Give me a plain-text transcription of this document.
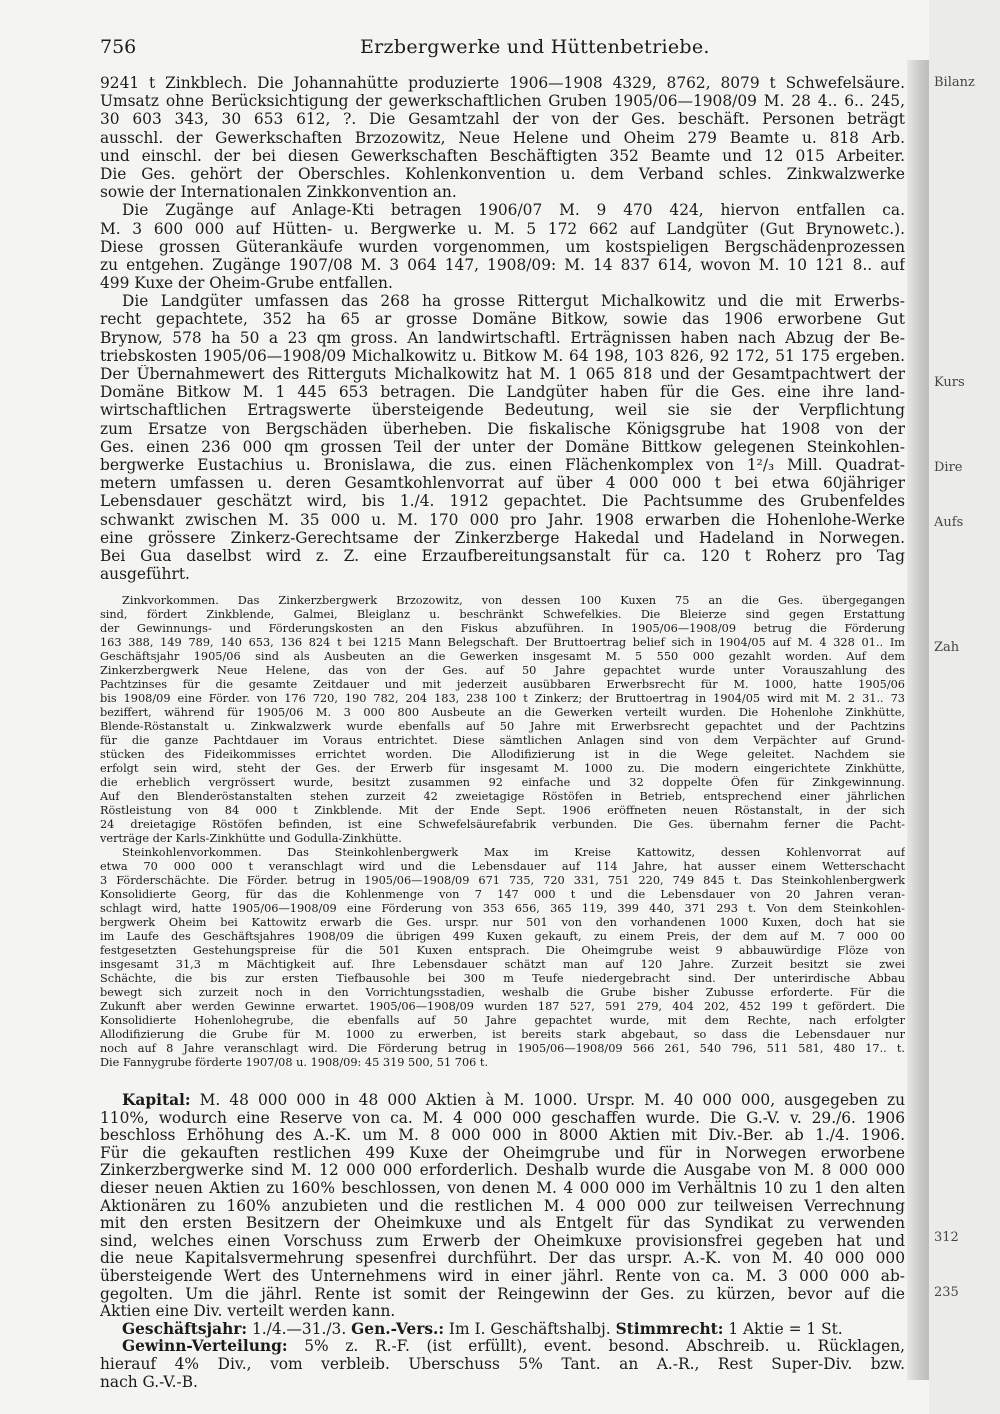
756	Erzbergwerke und Hüttenbetriebe.
9241 t Zinkblech. Die Johannahütte produzierte 1906—1908 4329, 8762, 8079 t Schwefelsäure.
Umsatz ohne Berücksichtigung der gewerkschaftlichen Gruben 1905/06—1908/09 M. 28 4.. 6.. 245,
30 603 343, 30 653 612, ?. Die Gesamtzahl der von der Ges. beschäft. Personen beträgt
ausschl. der Gewerkschaften Brzozowitz, Neue Helene und Oheim 279 Beamte u. 818 Arb.
und einschl. der bei diesen Gewerkschaften Beschäftigten 352 Beamte und 12 015 Arbeiter.
Die Ges. gehört der Oberschles. Kohlenkonvention u. dem Verband schles. Zinkwalzwerke
sowie der Internationalen Zinkkonvention an.
Die Zugänge auf Anlage-Kti betragen 1906/07 M. 9 470 424, hiervon entfallen ca.
M. 3 600 000 auf Hütten- u. Bergwerke u. M. 5 172 662 auf Landgüter (Gut Brynowetc.).
Diese grossen Güterankäufe wurden vorgenommen, um kostspieligen Bergschädenprozessen
zu entgehen. Zugänge 1907/08 M. 3 064 147, 1908/09: M. 14 837 614, wovon M. 10 121 8.. auf
499 Kuxe der Oheim-Grube entfallen.
Die Landgüter umfassen das 268 ha grosse Rittergut Michalkowitz und die mit Erwerbs-
recht gepachtete, 352 ha 65 ar grosse Domäne Bitkow, sowie das 1906 erworbene Gut
Brynow, 578 ha 50 a 23 qm gross. An landwirtschaftl. Erträgnissen haben nach Abzug der Be-
triebskosten 1905/06—1908/09 Michalkowitz u. Bitkow M. 64 198, 103 826, 92 172, 51 175 ergeben.
Der Übernahmewert des Ritterguts Michalkowitz hat M. 1 065 818 und der Gesamtpachtwert der
Domäne Bitkow M. 1 445 653 betragen. Die Landgüter haben für die Ges. eine ihre land-
wirtschaftlichen Ertragswerte übersteigende Bedeutung, weil sie sie der Verpflichtung
zum Ersatze von Bergschäden überheben. Die fiskalische Königsgrube hat 1908 von der
Ges. einen 236 000 qm grossen Teil der unter der Domäne Bittkow gelegenen Steinkohlen-
bergwerke Eustachius u. Bronislawa, die zus. einen Flächenkomplex von 1²/₃ Mill. Quadrat-
metern umfassen u. deren Gesamtkohlenvorrat auf über 4 000 000 t bei etwa 60jähriger
Lebensdauer geschätzt wird, bis 1./4. 1912 gepachtet. Die Pachtsumme des Grubenfeldes
schwankt zwischen M. 35 000 u. M. 170 000 pro Jahr. 1908 erwarben die Hohenlohe-Werke
eine grössere Zinkerz-Gerechtsame der Zinkerzberge Hakedal und Hadeland in Norwegen.
Bei Gua daselbst wird z. Z. eine Erzaufbereitungsanstalt für ca. 120 t Roherz pro Tag
ausgeführt.
Zinkvorkommen. Das Zinkerzbergwerk Brzozowitz, von dessen 100 Kuxen 75 an die Ges. übergegangen
sind, fördert Zinkblende, Galmei, Bleiglanz u. beschränkt Schwefelkies. Die Bleierze sind gegen Erstattung
der Gewinnungs- und Förderungskosten an den Fiskus abzuführen. In 1905/06—1908/09 betrug die Förderung
163 388, 149 789, 140 653, 136 824 t bei 1215 Mann Belegschaft. Der Bruttoertrag belief sich in 1904/05 auf M. 4 328 01.. Im
Geschäftsjahr 1905/06 sind als Ausbeuten an die Gewerken insgesamt M. 5 550 000 gezahlt worden. Auf dem
Zinkerzbergwerk Neue Helene, das von der Ges. auf 50 Jahre gepachtet wurde unter Vorauszahlung des
Pachtzinses für die gesamte Zeitdauer und mit jederzeit ausübbaren Erwerbsrecht für M. 1000, hatte 1905/06
bis 1908/09 eine Förder. von 176 720, 190 782, 204 183, 238 100 t Zinkerz; der Bruttoertrag in 1904/05 wird mit M. 2 31.. 73
beziffert, während für 1905/06 M. 3 000 800 Ausbeute an die Gewerken verteilt wurden. Die Hohenlohe Zinkhütte,
Blende-Röstanstalt u. Zinkwalzwerk wurde ebenfalls auf 50 Jahre mit Erwerbsrecht gepachtet und der Pachtzins
für die ganze Pachtdauer im Voraus entrichtet. Diese sämtlichen Anlagen sind von dem Verpächter auf Grund-
stücken des Fideikommisses errichtet worden. Die Allodifizierung ist in die Wege geleitet. Nachdem sie
erfolgt sein wird, steht der Ges. der Erwerb für insgesamt M. 1000 zu. Die modern eingerichtete Zinkhütte,
die erheblich vergrössert wurde, besitzt zusammen 92 einfache und 32 doppelte Öfen für Zinkgewinnung.
Auf den Blenderöstanstalten stehen zurzeit 42 zweietagige Röstöfen in Betrieb, entsprechend einer jährlichen
Röstleistung von 84 000 t Zinkblende. Mit der Ende Sept. 1906 eröffneten neuen Röstanstalt, in der sich
24 dreietagige Röstöfen befinden, ist eine Schwefelsäurefabrik verbunden. Die Ges. übernahm ferner die Pacht-
verträge der Karls-Zinkhütte und Godulla-Zinkhütte.
Steinkohlenvorkommen. Das Steinkohlenbergwerk Max im Kreise Kattowitz, dessen Kohlenvorrat auf
etwa 70 000 000 t veranschlagt wird und die Lebensdauer auf 114 Jahre, hat ausser einem Wetterschacht
3 Förderschächte. Die Förder. betrug in 1905/06—1908/09 671 735, 720 331, 751 220, 749 845 t. Das Steinkohlenbergwerk
Konsolidierte Georg, für das die Kohlenmenge von 7 147 000 t und die Lebensdauer von 20 Jahren veran-
schlagt wird, hatte 1905/06—1908/09 eine Förderung von 353 656, 365 119, 399 440, 371 293 t. Von dem Steinkohlen-
bergwerk Oheim bei Kattowitz erwarb die Ges. urspr. nur 501 von den vorhandenen 1000 Kuxen, doch hat sie
im Laufe des Geschäftsjahres 1908/09 die übrigen 499 Kuxen gekauft, zu einem Preis, der dem auf M. 7 000 00
festgesetzten Gestehungspreise für die 501 Kuxen entsprach. Die Oheimgrube weist 9 abbauwürdige Flöze von
insgesamt 31,3 m Mächtigkeit auf. Ihre Lebensdauer schätzt man auf 120 Jahre. Zurzeit besitzt sie zwei
Schächte, die bis zur ersten Tiefbausohle bei 300 m Teufe niedergebracht sind. Der unterirdische Abbau
bewegt sich zurzeit noch in den Vorrichtungsstadien, weshalb die Grube bisher Zubusse erforderte. Für die
Zukunft aber werden Gewinne erwartet. 1905/06—1908/09 wurden 187 527, 591 279, 404 202, 452 199 t gefördert. Die
Konsolidierte Hohenlohegrube, die ebenfalls auf 50 Jahre gepachtet wurde, mit dem Rechte, nach erfolgter
Allodifizierung die Grube für M. 1000 zu erwerben, ist bereits stark abgebaut, so dass die Lebensdauer nur
noch auf 8 Jahre veranschlagt wird. Die Förderung betrug in 1905/06—1908/09 566 261, 540 796, 511 581, 480 17.. t.
Die Fannygrube förderte 1907/08 u. 1908/09: 45 319 500, 51 706 t.
Kapital: M. 48 000 000 in 48 000 Aktien à M. 1000. Urspr. M. 40 000 000, ausgegeben zu
110%, wodurch eine Reserve von ca. M. 4 000 000 geschaffen wurde. Die G.-V. v. 29./6. 1906
beschloss Erhöhung des A.-K. um M. 8 000 000 in 8000 Aktien mit Div.-Ber. ab 1./4. 1906.
Für die gekauften restlichen 499 Kuxe der Oheimgrube und für in Norwegen erworbene
Zinkerzbergwerke sind M. 12 000 000 erforderlich. Deshalb wurde die Ausgabe von M. 8 000 000
dieser neuen Aktien zu 160% beschlossen, von denen M. 4 000 000 im Verhältnis 10 zu 1 den alten
Aktionären zu 160% anzubieten und die restlichen M. 4 000 000 zur teilweisen Verrechnung
mit den ersten Besitzern der Oheimkuxe und als Entgelt für das Syndikat zu verwenden
sind, welches einen Vorschuss zum Erwerb der Oheimkuxe provisionsfrei gegeben hat und
die neue Kapitalsvermehrung spesenfrei durchführt. Der das urspr. A.-K. von M. 40 000 000
übersteigende Wert des Unternehmens wird in einer jährl. Rente von ca. M. 3 000 000 ab-
gegolten. Um die jährl. Rente ist somit der Reingewinn der Ges. zu kürzen, bevor auf die
Aktien eine Div. verteilt werden kann.
Geschäftsjahr: 1./4.—31./3. Gen.-Vers.: Im I. Geschäftshalbj. Stimmrecht: 1 Aktie = 1 St.
Gewinn-Verteilung: 5% z. R.-F. (ist erfüllt), event. besond. Abschreib. u. Rücklagen,
hierauf 4% Div., vom verbleib. Überschuss 5% Tant. an A.-R., Rest Super-Div. bzw.
nach G.-V.-B.
Bilanz
Kurs
Dire
Aufs
Zah
312
235
